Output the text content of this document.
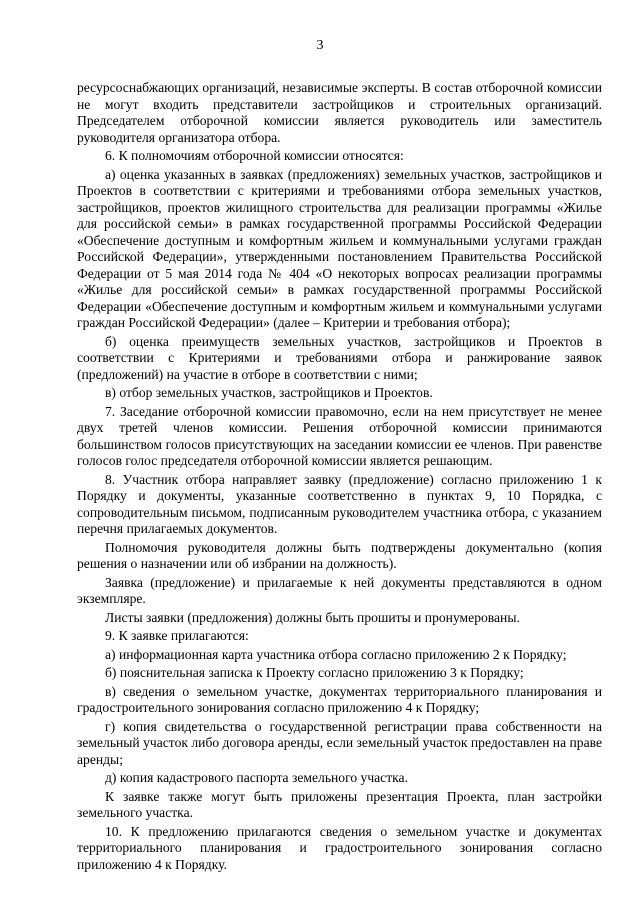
3

ресурсоснабжающих организаций, независимые эксперты. В состав отборочной комиссии не могут входить представители застройщиков и строительных организаций. Председателем отборочной комиссии является руководитель или заместитель руководителя организатора отбора.

6. К полномочиям отборочной комиссии относятся:

а) оценка указанных в заявках (предложениях) земельных участков, застройщиков и Проектов в соответствии с критериями и требованиями отбора земельных участков, застройщиков, проектов жилищного строительства для реализации программы «Жилье для российской семьи» в рамках государственной программы Российской Федерации «Обеспечение доступным и комфортным жильем и коммунальными услугами граждан Российской Федерации», утвержденными постановлением Правительства Российской Федерации от 5 мая 2014 года № 404 «О некоторых вопросах реализации программы «Жилье для российской семьи» в рамках государственной программы Российской Федерации «Обеспечение доступным и комфортным жильем и коммунальными услугами граждан Российской Федерации» (далее – Критерии и требования отбора);

б) оценка преимуществ земельных участков, застройщиков и Проектов в соответствии с Критериями и требованиями отбора и ранжирование заявок (предложений) на участие в отборе в соответствии с ними;

в) отбор земельных участков, застройщиков и Проектов.

7. Заседание отборочной комиссии правомочно, если на нем присутствует не менее двух третей членов комиссии. Решения отборочной комиссии принимаются большинством голосов присутствующих на заседании комиссии ее членов. При равенстве голосов голос председателя отборочной комиссии является решающим.

8. Участник отбора направляет заявку (предложение) согласно приложению 1 к Порядку и документы, указанные соответственно в пунктах 9, 10 Порядка, с сопроводительным письмом, подписанным руководителем участника отбора, с указанием перечня прилагаемых документов.

Полномочия руководителя должны быть подтверждены документально (копия решения о назначении или об избрании на должность).

Заявка (предложение) и прилагаемые к ней документы представляются в одном экземпляре.

Листы заявки (предложения) должны быть прошиты и пронумерованы.

9. К заявке прилагаются:

а) информационная карта участника отбора согласно приложению 2 к Порядку;

б) пояснительная записка к Проекту согласно приложению 3 к Порядку;

в) сведения о земельном участке, документах территориального планирования и градостроительного зонирования согласно приложению 4 к Порядку;

г) копия свидетельства о государственной регистрации права собственности на земельный участок либо договора аренды, если земельный участок предоставлен на праве аренды;

д) копия кадастрового паспорта земельного участка.

К заявке также могут быть приложены презентация Проекта, план застройки земельного участка.

10. К предложению прилагаются сведения о земельном участке и документах территориального планирования и градостроительного зонирования согласно приложению 4 к Порядку.
